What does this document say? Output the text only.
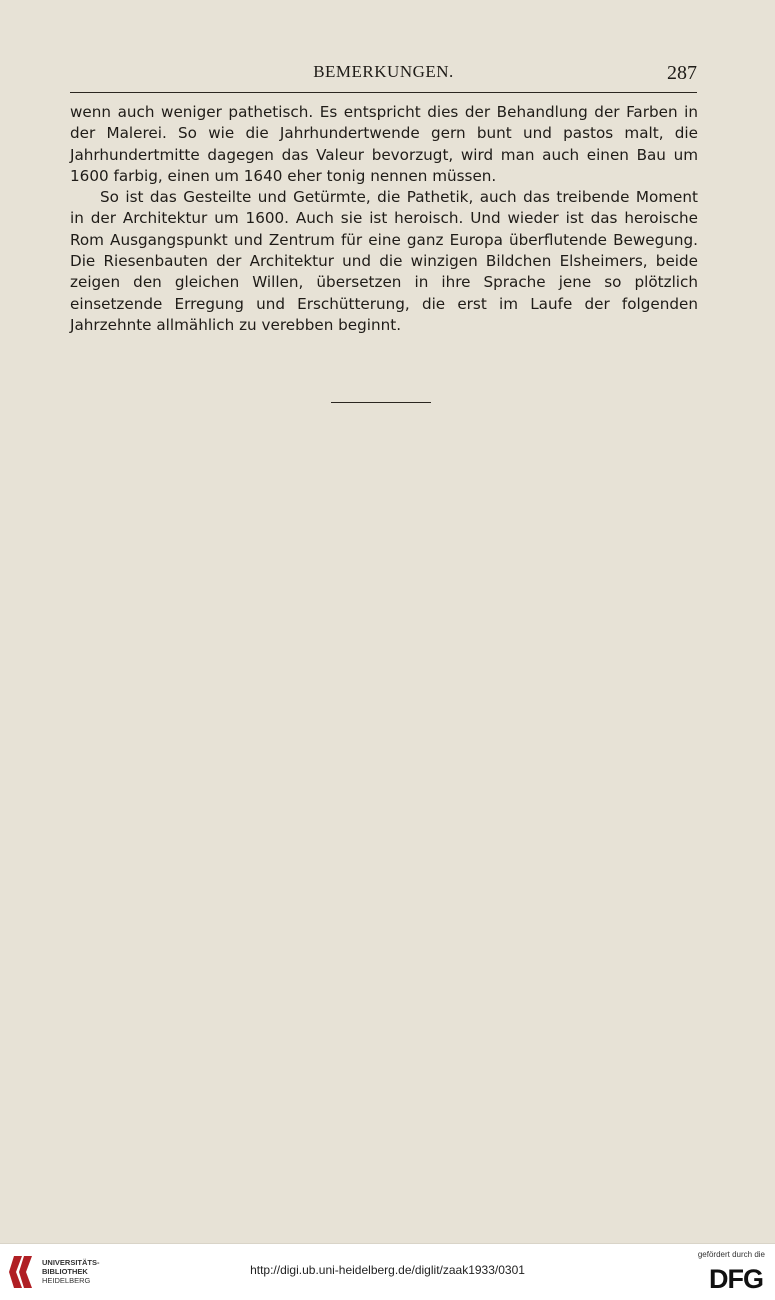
BEMERKUNGEN.	287

wenn auch weniger pathetisch. Es entspricht dies der Behandlung der Farben in der Malerei. So wie die Jahrhundertwende gern bunt und pastos malt, die Jahrhundertmitte dagegen das Valeur bevorzugt, wird man auch einen Bau um 1600 farbig, einen um 1640 eher tonig nennen müssen.

So ist das Gesteilte und Getürmte, die Pathetik, auch das treibende Moment in der Architektur um 1600. Auch sie ist heroisch. Und wieder ist das heroische Rom Ausgangspunkt und Zentrum für eine ganz Europa überflutende Bewegung. Die Riesenbauten der Architektur und die winzigen Bildchen Elsheimers, beide zeigen den gleichen Willen, übersetzen in ihre Sprache jene so plötzlich einsetzende Erregung und Erschütterung, die erst im Laufe der folgenden Jahrzehnte allmählich zu verebben beginnt.

UNIVERSITÄTS-
BIBLIOTHEK
HEIDELBERG
http://digi.ub.uni-heidelberg.de/diglit/zaak1933/0301
gefördert durch die
DFG
